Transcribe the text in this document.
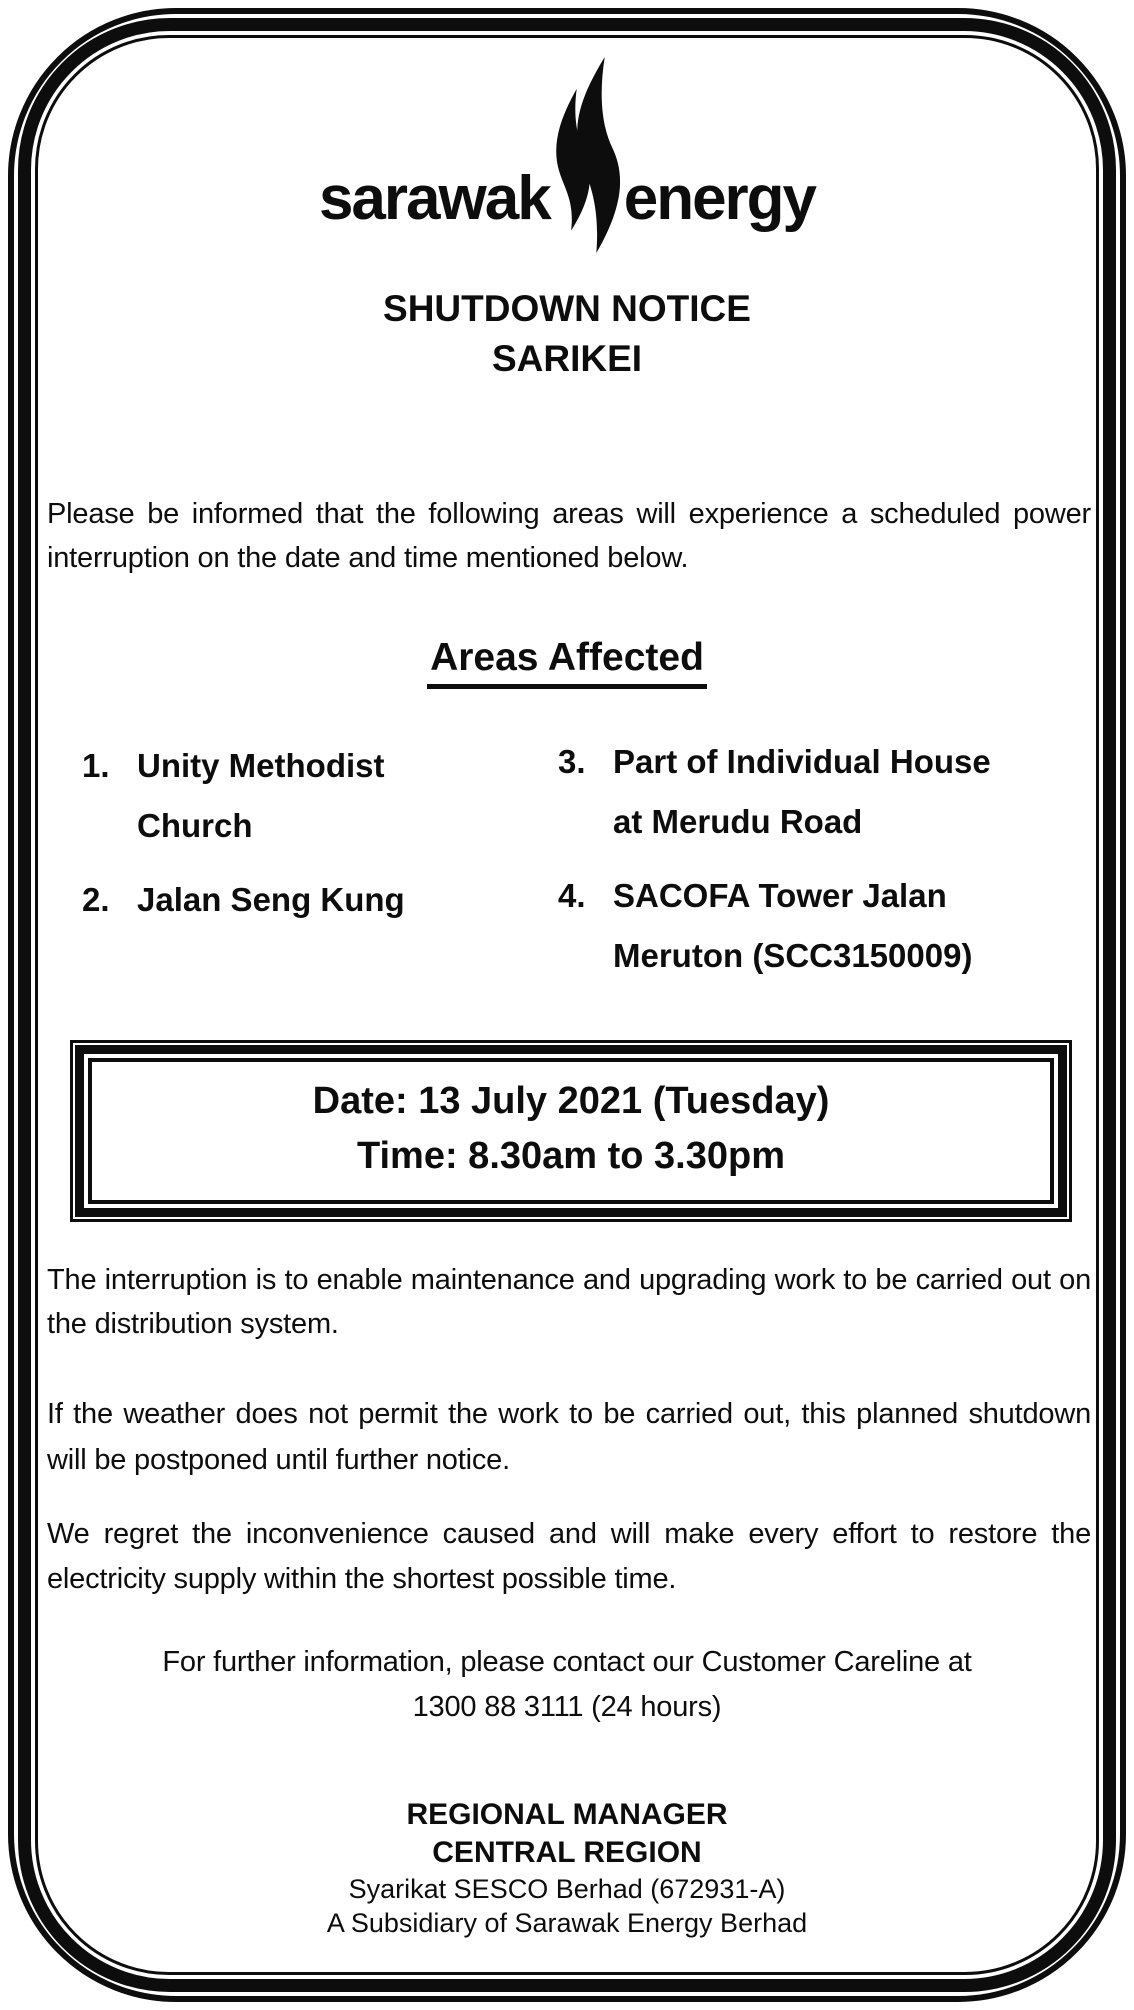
sarawak energy
SHUTDOWN NOTICE
SARIKEI
Please be informed that the following areas will experience a scheduled power interruption on the date and time mentioned below.
Areas Affected
1. Unity Methodist Church
2. Jalan Seng Kung
3. Part of Individual House at Merudu Road
4. SACOFA Tower Jalan Meruton (SCC3150009)
Date: 13 July 2021 (Tuesday)
Time: 8.30am to 3.30pm
The interruption is to enable maintenance and upgrading work to be carried out on the distribution system.
If the weather does not permit the work to be carried out, this planned shutdown will be postponed until further notice.
We regret the inconvenience caused and will make every effort to restore the electricity supply within the shortest possible time.
For further information, please contact our Customer Careline at
1300 88 3111 (24 hours)
REGIONAL MANAGER
CENTRAL REGION
Syarikat SESCO Berhad (672931-A)
A Subsidiary of Sarawak Energy Berhad
